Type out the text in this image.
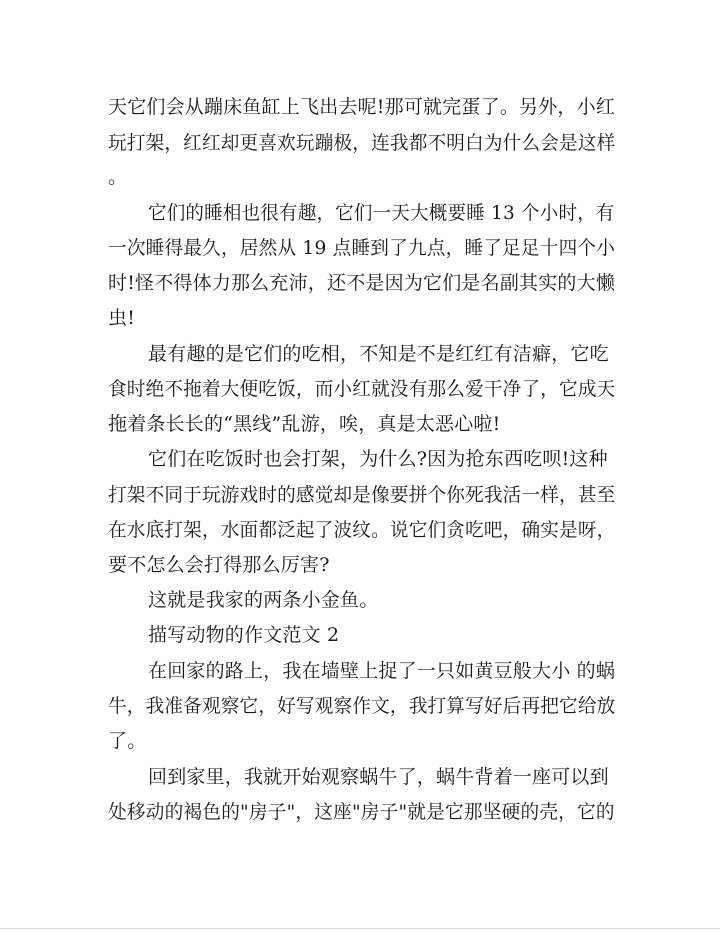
天它们会从蹦床鱼缸上飞出去呢!那可就完蛋了。另外，小红
玩打架，红红却更喜欢玩蹦极，连我都不明白为什么会是这样
。
它们的睡相也很有趣，它们一天大概要睡 13 个小时，有
一次睡得最久，居然从 19 点睡到了九点，睡了足足十四个小
时!怪不得体力那么充沛，还不是因为它们是名副其实的大懒
虫!
最有趣的是它们的吃相，不知是不是红红有洁癖，它吃
食时绝不拖着大便吃饭，而小红就没有那么爱干净了，它成天
拖着条长长的“黑线”乱游，唉，真是太恶心啦!
它们在吃饭时也会打架，为什么?因为抢东西吃呗!这种
打架不同于玩游戏时的感觉却是像要拼个你死我活一样，甚至
在水底打架，水面都泛起了波纹。说它们贪吃吧，确实是呀，
要不怎么会打得那么厉害?
这就是我家的两条小金鱼。
描写动物的作文范文 2
在回家的路上，我在墙壁上捉了一只如黄豆般大小 的蜗
牛，我准备观察它，好写观察作文，我打算写好后再把它给放
了。
回到家里，我就开始观察蜗牛了，蜗牛背着一座可以到
处移动的褐色的"房子"，这座"房子"就是它那坚硬的壳，它的
